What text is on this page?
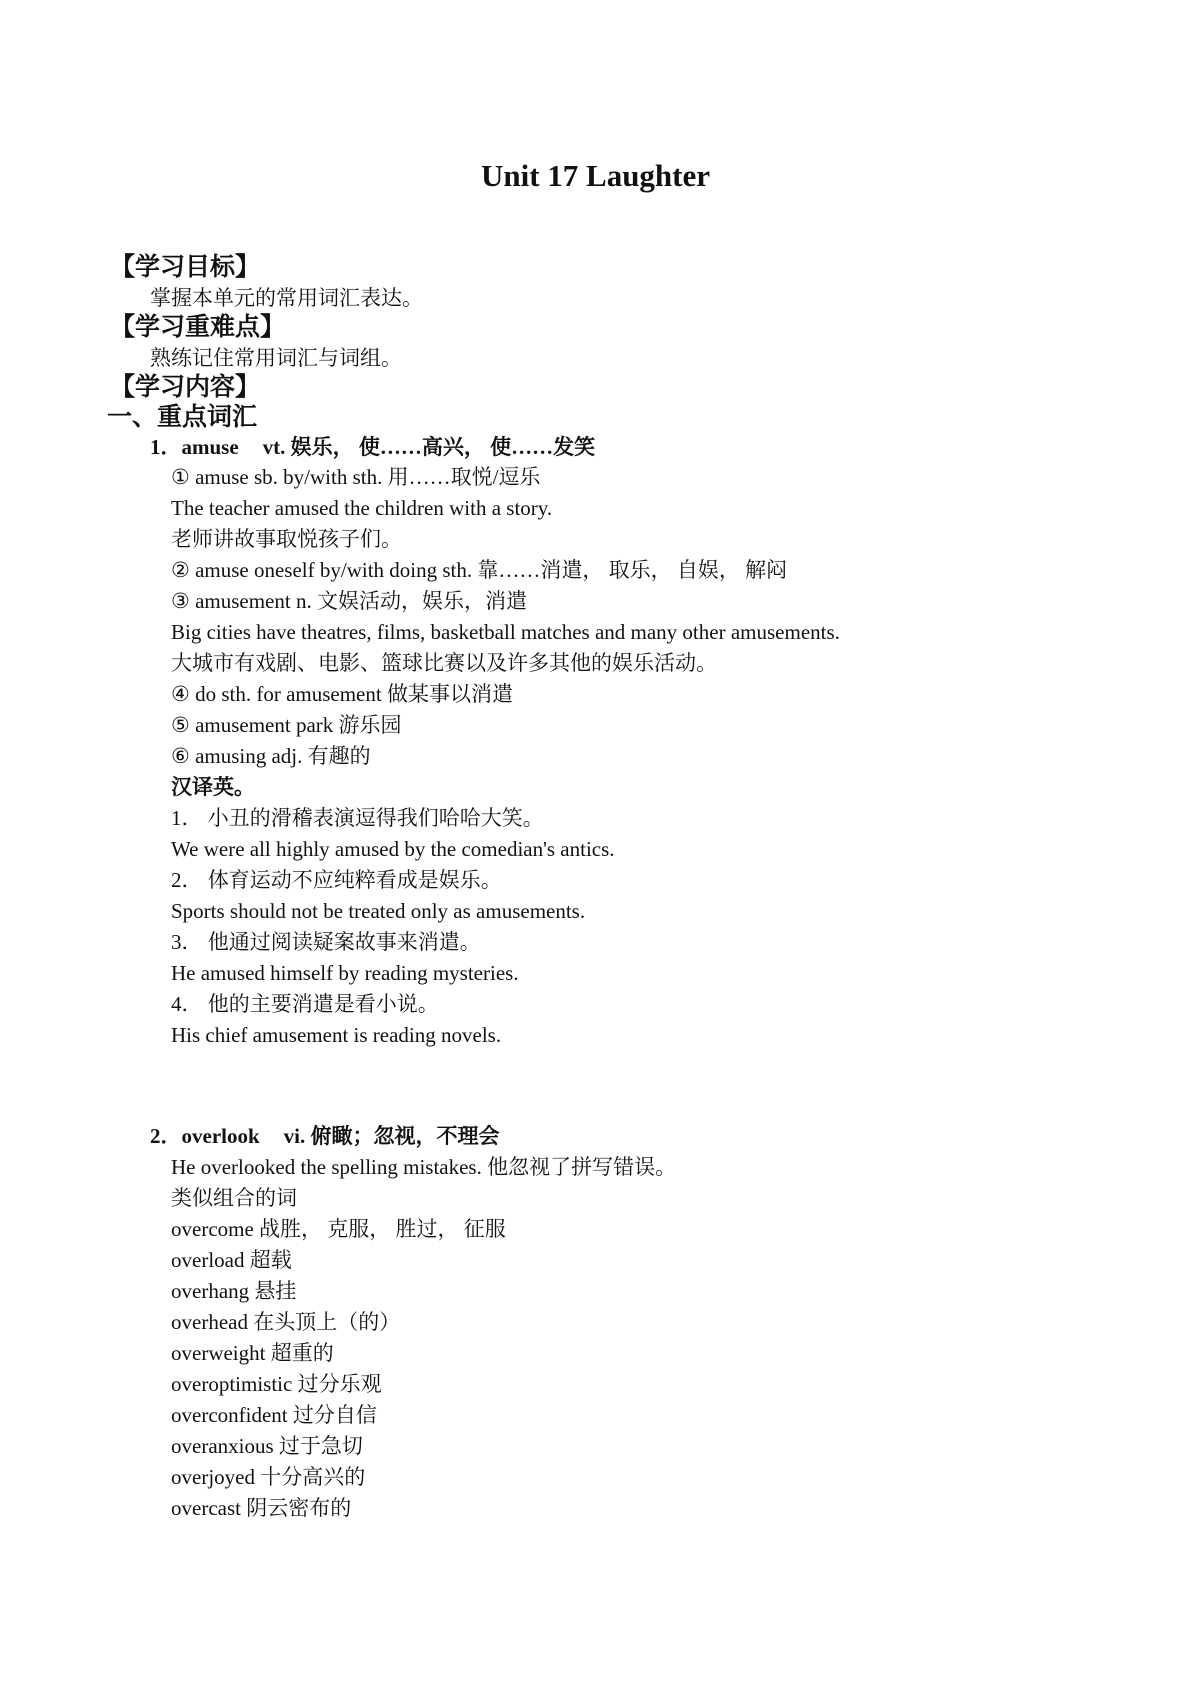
Unit 17 Laughter
【学习目标】
掌握本单元的常用词汇表达。
【学习重难点】
熟练记住常用词汇与词组。
【学习内容】
一、重点词汇
1．amuse vt. 娱乐， 使……高兴， 使……发笑
① amuse sb. by/with sth. 用……取悦/逗乐
The teacher amused the children with a story.
老师讲故事取悦孩子们。
② amuse oneself by/with doing sth. 靠……消遣， 取乐， 自娱， 解闷
③ amusement n. 文娱活动，娱乐，消遣
Big cities have theatres, films, basketball matches and many other amusements.
大城市有戏剧、电影、篮球比赛以及许多其他的娱乐活动。
④ do sth. for amusement 做某事以消遣
⑤ amusement park 游乐园
⑥ amusing adj. 有趣的
汉译英。
1． 小丑的滑稽表演逗得我们哈哈大笑。
We were all highly amused by the comedian's antics.
2． 体育运动不应纯粹看成是娱乐。
Sports should not be treated only as amusements.
3． 他通过阅读疑案故事来消遣。
He amused himself by reading mysteries.
4． 他的主要消遣是看小说。
His chief amusement is reading novels.
2．overlook vi. 俯瞰；忽视，不理会
He overlooked the spelling mistakes. 他忽视了拼写错误。
类似组合的词
overcome 战胜， 克服， 胜过， 征服
overload 超载
overhang 悬挂
overhead 在头顶上（的）
overweight 超重的
overoptimistic 过分乐观
overconfident 过分自信
overanxious 过于急切
overjoyed 十分高兴的
overcast 阴云密布的
